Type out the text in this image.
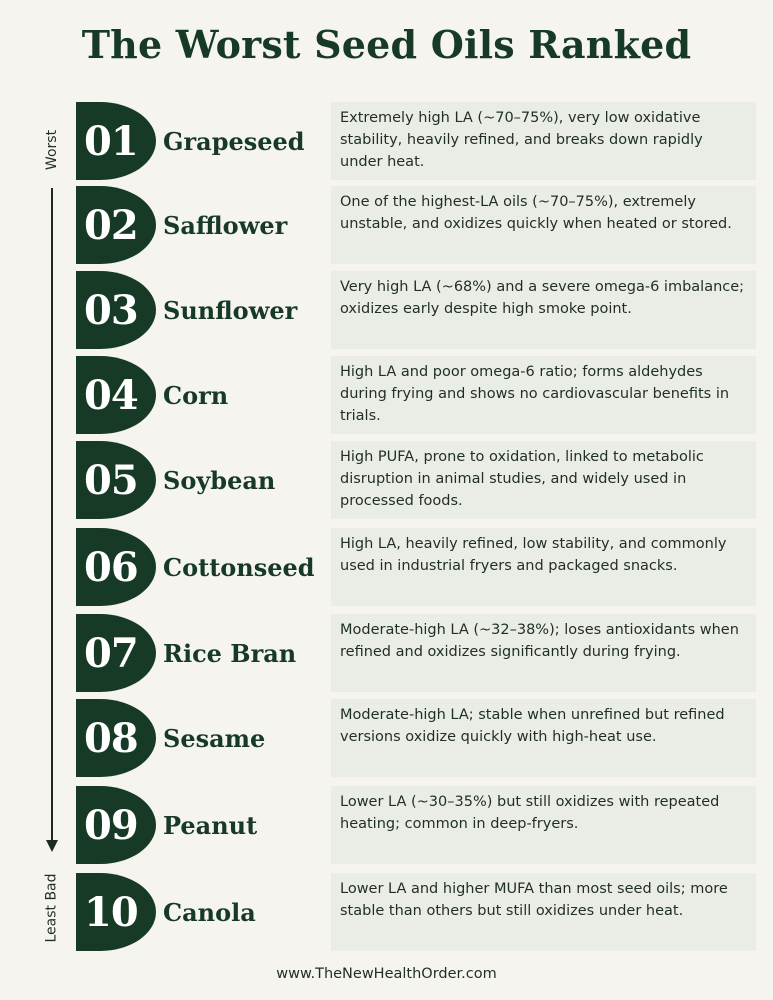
The Worst Seed Oils Ranked
Worst
Least Bad
01	Grapeseed
Extremely high LA (~70–75%), very low oxidative stability, heavily refined, and breaks down rapidly under heat.
02	Safflower
One of the highest-LA oils (~70–75%), extremely unstable, and oxidizes quickly when heated or stored.
03	Sunflower
Very high LA (~68%) and a severe omega-6 imbalance; oxidizes early despite high smoke point.
04	Corn
High LA and poor omega-6 ratio; forms aldehydes during frying and shows no cardiovascular benefits in trials.
05	Soybean
High PUFA, prone to oxidation, linked to metabolic disruption in animal studies, and widely used in processed foods.
06	Cottonseed
High LA, heavily refined, low stability, and commonly used in industrial fryers and packaged snacks.
07	Rice Bran
Moderate-high LA (~32–38%); loses antioxidants when refined and oxidizes significantly during frying.
08	Sesame
Moderate-high LA; stable when unrefined but refined versions oxidize quickly with high-heat use.
09	Peanut
Lower LA (~30–35%) but still oxidizes with repeated heating; common in deep-fryers.
10	Canola
Lower LA and higher MUFA than most seed oils; more stable than others but still oxidizes under heat.
www.TheNewHealthOrder.com
